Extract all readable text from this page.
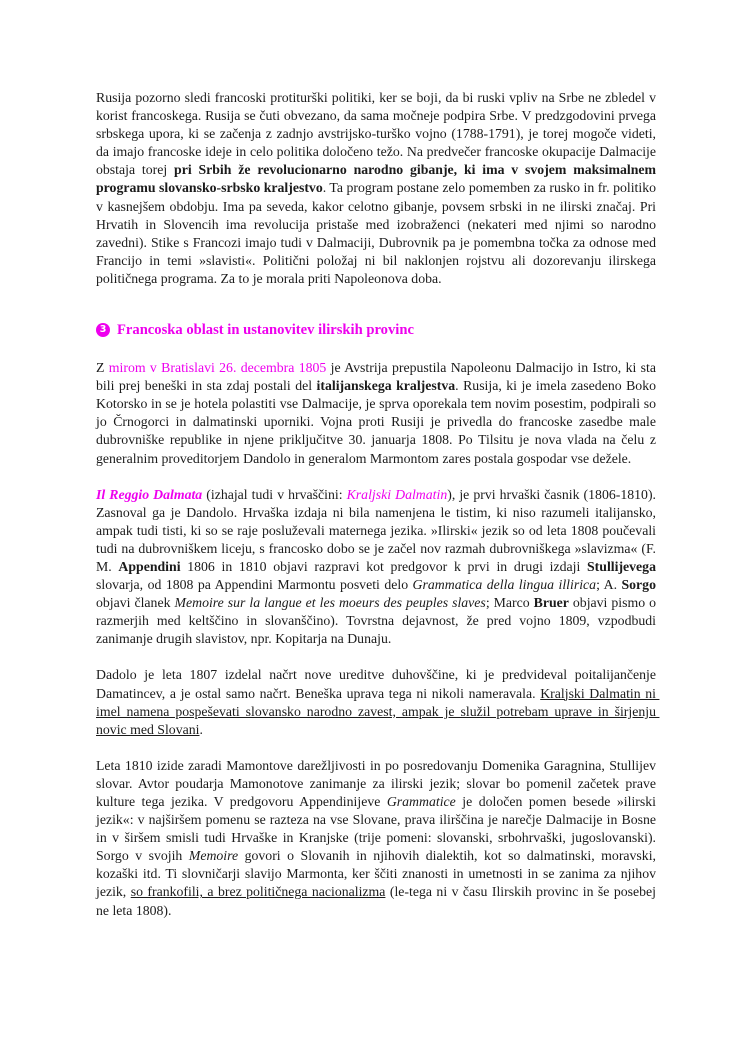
Rusija pozorno sledi francoski protiturški politiki, ker se boji, da bi ruski vpliv na Srbe ne zbledel v korist francoskega. Rusija se čuti obvezano, da sama močneje podpira Srbe. V predzgodovini prvega srbskega upora, ki se začenja z zadnjo avstrijsko-turško vojno (1788-1791), je torej mogoče videti, da imajo francoske ideje in celo politika določeno težo. Na predvečer francoske okupacije Dalmacije obstaja torej pri Srbih že revolucionarno narodno gibanje, ki ima v svojem maksimalnem programu slovansko-srbsko kraljestvo. Ta program postane zelo pomemben za rusko in fr. politiko v kasnejšem obdobju. Ima pa seveda, kakor celotno gibanje, povsem srbski in ne ilirski značaj. Pri Hrvatih in Slovencih ima revolucija pristaše med izobraženci (nekateri med njimi so narodno zavedni). Stike s Francozi imajo tudi v Dalmaciji, Dubrovnik pa je pomembna točka za odnose med Francijo in temi »slavisti«. Politični položaj ni bil naklonjen rojstvu ali dozorevanju ilirskega političnega programa. Za to je morala priti Napoleonova doba.

3 Francoska oblast in ustanovitev ilirskih provinc

Z mirom v Bratislavi 26. decembra 1805 je Avstrija prepustila Napoleonu Dalmacijo in Istro, ki sta bili prej beneški in sta zdaj postali del italijanskega kraljestva. Rusija, ki je imela zasedeno Boko Kotorsko in se je hotela polastiti vse Dalmacije, je sprva oporekala tem novim posestim, podpirali so jo Črnogorci in dalmatinski uporniki. Vojna proti Rusiji je privedla do francoske zasedbe male dubrovniške republike in njene priključitve 30. januarja 1808. Po Tilsitu je nova vlada na čelu z generalnim proveditorjem Dandolo in generalom Marmontom zares postala gospodar vse dežele.

Il Reggio Dalmata (izhajal tudi v hrvaščini: Kraljski Dalmatin), je prvi hrvaški časnik (1806-1810). Zasnoval ga je Dandolo. Hrvaška izdaja ni bila namenjena le tistim, ki niso razumeli italijansko, ampak tudi tisti, ki so se raje posluževali maternega jezika. »Ilirski« jezik so od leta 1808 poučevali tudi na dubrovniškem liceju, s francosko dobo se je začel nov razmah dubrovniškega »slavizma« (F. M. Appendini 1806 in 1810 objavi razpravi kot predgovor k prvi in drugi izdaji Stullijevega slovarja, od 1808 pa Appendini Marmontu posveti delo Grammatica della lingua illirica; A. Sorgo objavi članek Memoire sur la langue et les moeurs des peuples slaves; Marco Bruer objavi pismo o razmerjih med keltščino in slovanščino). Tovrstna dejavnost, že pred vojno 1809, vzpodbudi zanimanje drugih slavistov, npr. Kopitarja na Dunaju.

Dadolo je leta 1807 izdelal načrt nove ureditve duhovščine, ki je predvideval poitalijančenje Damatincev, a je ostal samo načrt. Beneška uprava tega ni nikoli nameravala. Kraljski Dalmatin ni imel namena pospeševati slovansko narodno zavest, ampak je služil potrebam uprave in širjenju novic med Slovani.

Leta 1810 izide zaradi Mamontove darežljivosti in po posredovanju Domenika Garagnina, Stullijev slovar. Avtor poudarja Mamonotove zanimanje za ilirski jezik; slovar bo pomenil začetek prave kulture tega jezika. V predgovoru Appendinijeve Grammatice je določen pomen besede »ilirski jezik«: v najširšem pomenu se razteza na vse Slovane, prava ilirščina je narečje Dalmacije in Bosne in v širšem smisli tudi Hrvaške in Kranjske (trije pomeni: slovanski, srbohrvaški, jugoslovanski). Sorgo v svojih Memoire govori o Slovanih in njihovih dialektih, kot so dalmatinski, moravski, kozaški itd. Ti slovničarji slavijo Marmonta, ker ščiti znanosti in umetnosti in se zanima za njihov jezik, so frankofili, a brez političnega nacionalizma (le-tega ni v času Ilirskih provinc in še posebej ne leta 1808).
